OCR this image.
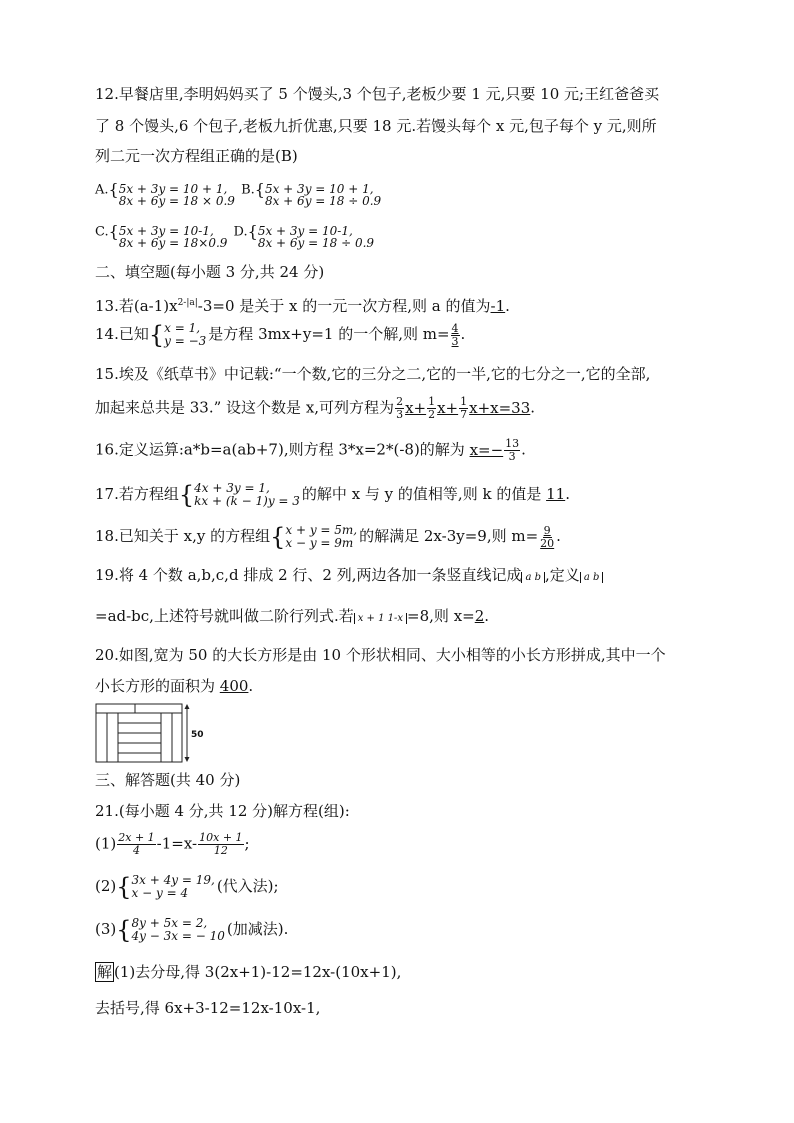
12.早餐店里,李明妈妈买了 5 个馒头,3 个包子,老板少要 1 元,只要 10 元;王红爸爸买
了 8 个馒头,6 个包子,老板九折优惠,只要 18 元.若馒头每个 x 元,包子每个 y 元,则所
列二元一次方程组正确的是(B)
A.{ 5x + 3y = 10 + 1,
8x + 6y = 18 × 0.9
B.{ 5x + 3y = 10 + 1,
8x + 6y = 18 ÷ 0.9
C.{ 5x + 3y = 10-1,
8x + 6y = 18×0.9
D.{ 5x + 3y = 10-1,
8x + 6y = 18 ÷ 0.9
二、填空题(每小题 3 分,共 24 分)
13.若$(a-1)x^{2-|a|}-3=0$ 是关于 x 的一元一次方程,则 a 的值为-1.
14.已知{ x = 1,
y = −3 是方程 3mx+y=1 的一个解,则 $m= \frac{4}{3}$ .
15.埃及《纸草书》中记载:“一个数,它的三分之二,它的一半,它的七分之一,它的全部,
加起来总共是 33.” 设这个数是 x,可列方程为 $\frac{2}{3} x+ \frac{1}{2} x+ \frac{1}{7} x+x=33$.
16.定义运算:a*b=a(ab+7),则方程 3*x=2*(-8)的解为 $x=- \frac{13}{3}$ .
17.若方程组{ 4x + 3y = 1,
kx + (k − 1)y = 3 的解中 x 与 y 的值相等,则 k 的值是 11.
18.已知关于 x,y 的方程组{ x + y = 5m,
x − y = 9m 的解满足 2x-3y=9,则 $m= \frac{9}{20}$ .
19.将 4 个数 a,b,c,d 排成 2 行、2 列,两边各加一条竖直线记成 a b ,定义 a b
=ad-bc,上述符号就叫做二阶行列式.若 x + 1 1-x =8,则 x=2.
20.如图,宽为 50 的大长方形是由 10 个形状相同、大小相等的小长方形拼成,其中一个
小长方形的面积为 400.
50
三、解答题(共 40 分)
21.(每小题 4 分,共 12 分)解方程(组):
$(1) \frac{2x + 1}{4} -1=x- \frac{10x + 1}{12}$ ;
(2){ 3x + 4y = 19,
x − y = 4	(代入法);
(3){ 8y + 5x = 2,
4y − 3x = − 10 (加减法).
解 (1)去分母,得 3(2x+1)-12=12x-(10x+1),
去括号,得 6x+3-12=12x-10x-1,
